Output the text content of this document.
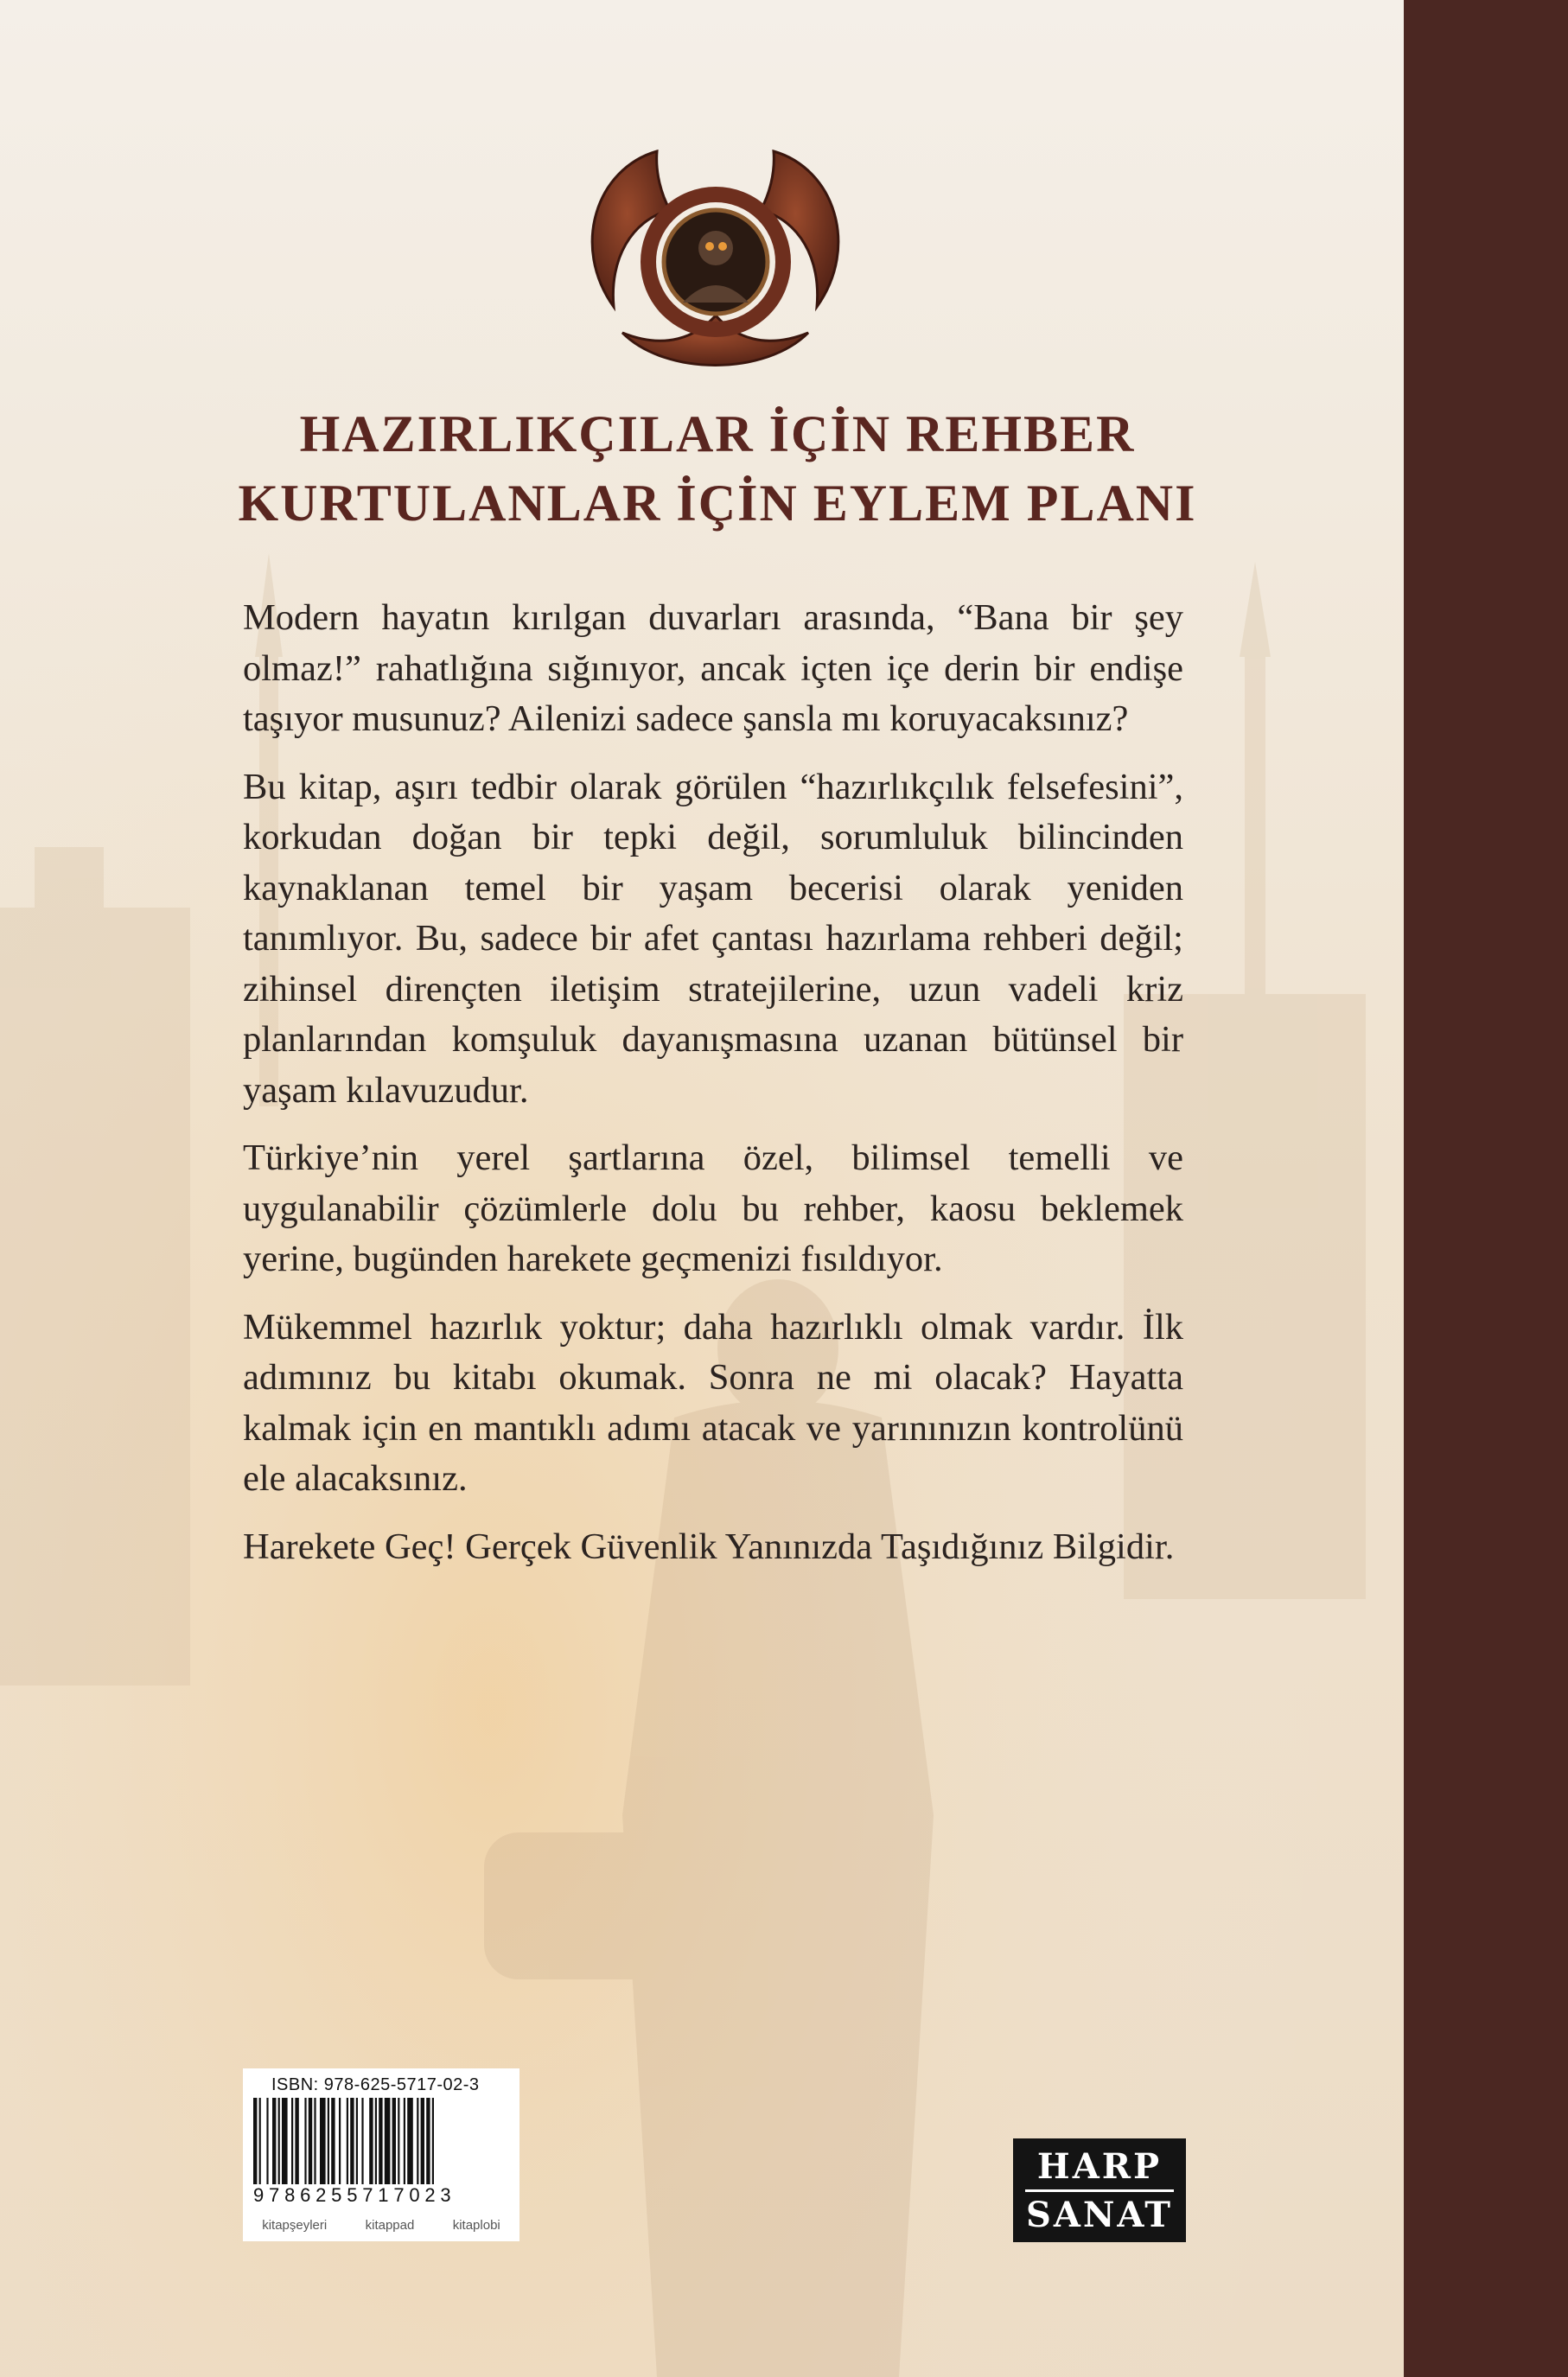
HAZIRLIKÇILAR İÇİN REHBER
KURTULANLAR İÇİN EYLEM PLANI

Modern hayatın kırılgan duvarları arasında, “Bana bir şey olmaz!” rahatlığına sığınıyor, ancak içten içe derin bir endişe taşıyor musunuz? Ailenizi sadece şansla mı koruyacaksınız?

Bu kitap, aşırı tedbir olarak görülen “hazırlıkçılık felsefesini”, korkudan doğan bir tepki değil, sorumluluk bilincinden kaynaklanan temel bir yaşam becerisi olarak yeniden tanımlıyor. Bu, sadece bir afet çantası hazırlama rehberi değil; zihinsel dirençten iletişim stratejilerine, uzun vadeli kriz planlarından komşuluk dayanışmasına uzanan bütünsel bir yaşam kılavuzudur.

Türkiye’nin yerel şartlarına özel, bilimsel temelli ve uygulanabilir çözümlerle dolu bu rehber, kaosu beklemek yerine, bugünden harekete geçmenizi fısıldıyor.

Mükemmel hazırlık yoktur; daha hazırlıklı olmak vardır. İlk adımınız bu kitabı okumak. Sonra ne mi olacak? Hayatta kalmak için en mantıklı adımı atacak ve yarınınızın kontrolünü ele alacaksınız.

Harekete Geç! Gerçek Güvenlik Yanınızda Taşıdığınız Bilgidir.

ISBN: 978-625-5717-02-3
9786255717023
kitapşeyleri	kitappad	kitaplobi
HARP
SANAT
